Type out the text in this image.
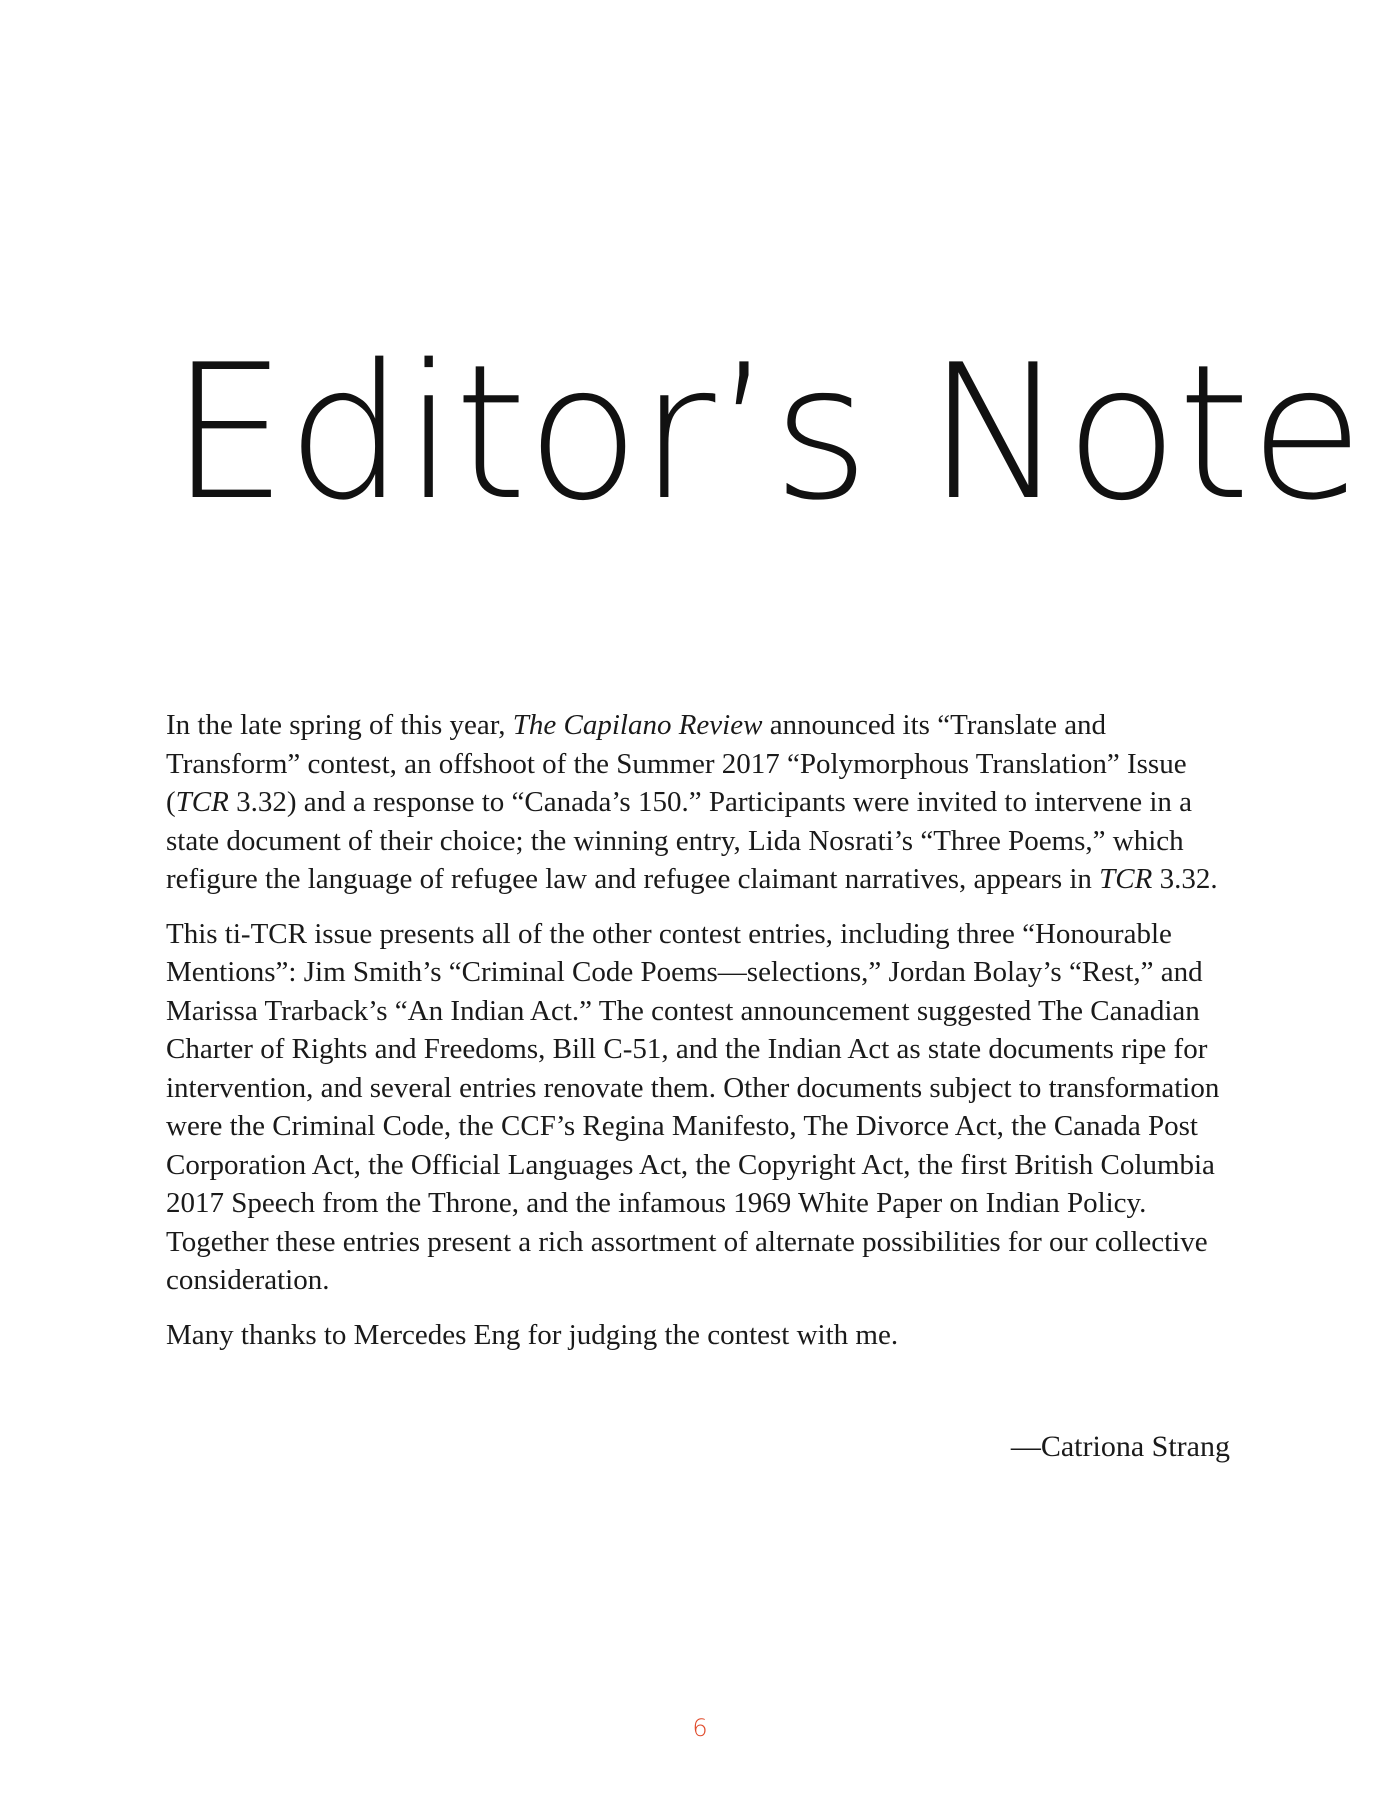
Editor’s Note

In the late spring of this year, The Capilano Review announced its “Translate and Transform” contest, an offshoot of the Summer 2017 “Polymorphous Translation” Issue (TCR 3.32) and a response to “Canada’s 150.” Participants were invited to intervene in a state document of their choice; the winning entry, Lida Nosrati’s “Three Poems,” which refigure the language of refugee law and refugee claimant narratives, appears in TCR 3.32.

This ti-TCR issue presents all of the other contest entries, including three “Honourable Mentions”: Jim Smith’s “Criminal Code Poems—selections,” Jordan Bolay’s “Rest,” and Marissa Trarback’s “An Indian Act.” The contest announcement suggested The Canadian Charter of Rights and Freedoms, Bill C-51, and the Indian Act as state documents ripe for intervention, and several entries renovate them. Other documents subject to transformation were the Criminal Code, the CCF’s Regina Manifesto, The Divorce Act, the Canada Post Corporation Act, the Official Languages Act, the Copyright Act, the first British Columbia 2017 Speech from the Throne, and the infamous 1969 White Paper on Indian Policy. Together these entries present a rich assortment of alternate possibilities for our collective consideration.

Many thanks to Mercedes Eng for judging the contest with me.

—Catriona Strang
6
